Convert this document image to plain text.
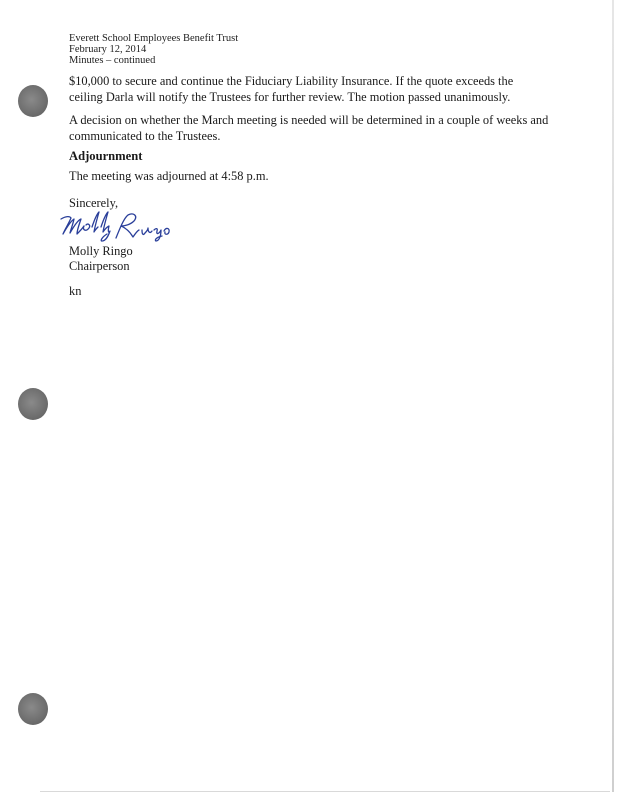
Everett School Employees Benefit Trust
February 12, 2014
Minutes – continued
$10,000 to secure and continue the Fiduciary Liability Insurance. If the quote exceeds the ceiling Darla will notify the Trustees for further review. The motion passed unanimously.
A decision on whether the March meeting is needed will be determined in a couple of weeks and communicated to the Trustees.
Adjournment
The meeting was adjourned at 4:58 p.m.
Sincerely,
Molly Ringo
Chairperson
kn
